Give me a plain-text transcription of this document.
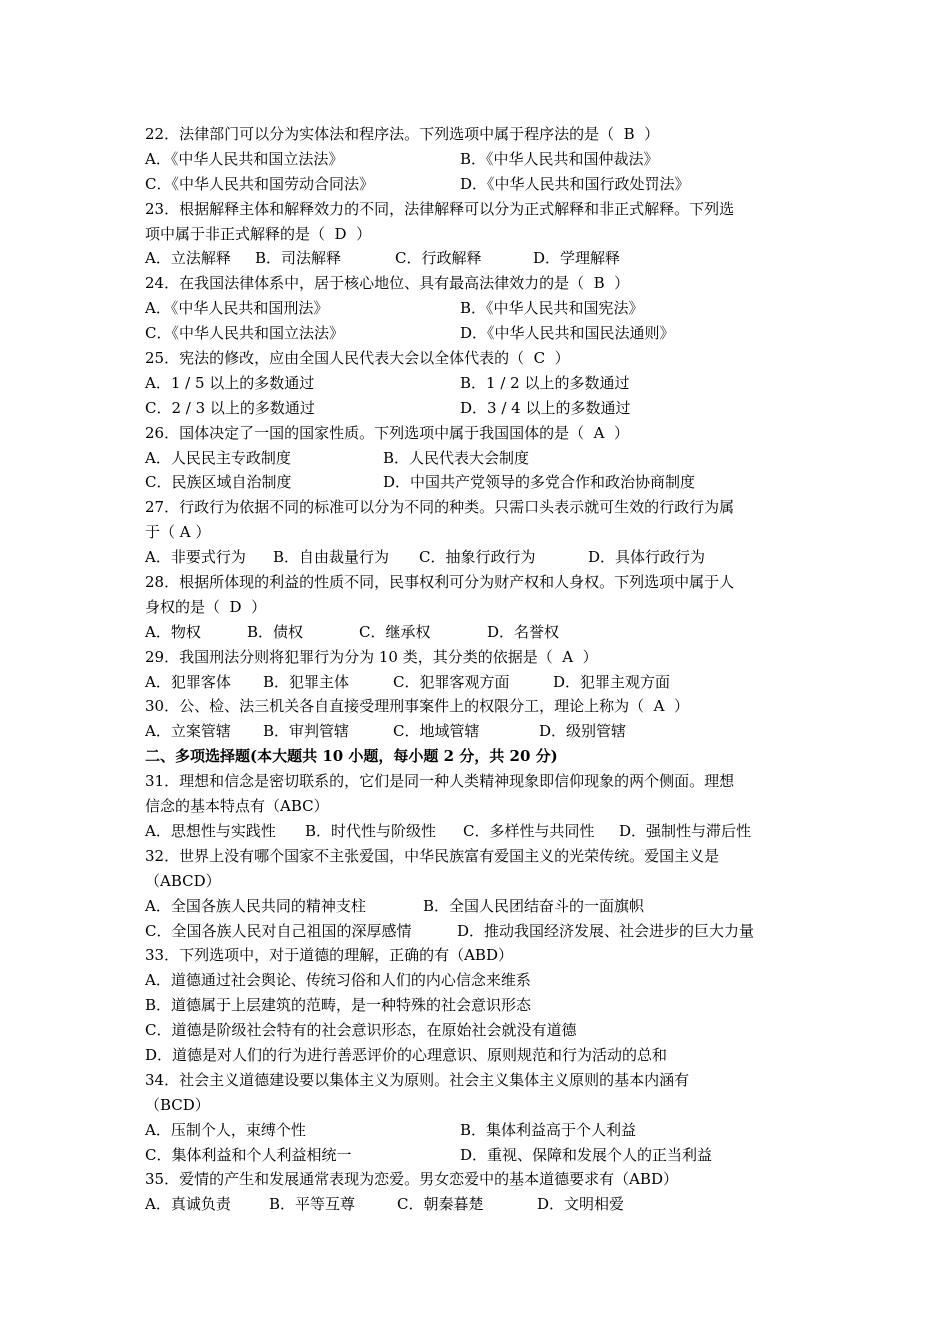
22．法律部门可以分为实体法和程序法。下列选项中属于程序法的是（  B  ）
A．《中华人民共和国立法法》	B．《中华人民共和国仲裁法》
C．《中华人民共和国劳动合同法》	D．《中华人民共和国行政处罚法》
23．根据解释主体和解释效力的不同，法律解释可以分为正式解释和非正式解释。下列选
项中属于非正式解释的是（  D  ）
A．立法解释	B．司法解释	C．行政解释	D．学理解释
24．在我国法律体系中，居于核心地位、具有最高法律效力的是（  B  ）
A．《中华人民共和国刑法》	B．《中华人民共和国宪法》
C．《中华人民共和国立法法》	D．《中华人民共和国民法通则》
25．宪法的修改，应由全国人民代表大会以全体代表的（  C  ）
A．1 / 5 以上的多数通过	B．1 / 2 以上的多数通过
C．2 / 3 以上的多数通过	D．3 / 4 以上的多数通过
26．国体决定了一国的国家性质。下列选项中属于我国国体的是（  A  ）
A．人民民主专政制度	B．人民代表大会制度
C．民族区域自治制度	D．中国共产党领导的多党合作和政治协商制度
27．行政行为依据不同的标准可以分为不同的种类。只需口头表示就可生效的行政行为属
于（ A ）
A．非要式行为	B．自由裁量行为	C．抽象行政行为	D．具体行政行为
28．根据所体现的利益的性质不同，民事权利可分为财产权和人身权。下列选项中属于人
身权的是（  D  ）
A．物权	B．债权	C．继承权	D．名誉权
29．我国刑法分则将犯罪行为分为 10 类，其分类的依据是（  A  ）
A．犯罪客体	B．犯罪主体	C．犯罪客观方面	D．犯罪主观方面
30．公、检、法三机关各自直接受理刑事案件上的权限分工，理论上称为（  A  ）
A．立案管辖	B．审判管辖	C．地域管辖	D．级别管辖
二、多项选择题(本大题共 10 小题，每小题 2 分，共 20 分)
31．理想和信念是密切联系的，它们是同一种人类精神现象即信仰现象的两个侧面。理想
信念的基本特点有（ABC）
A．思想性与实践性	B．时代性与阶级性	C．多样性与共同性	D．强制性与滞后性
32．世界上没有哪个国家不主张爱国，中华民族富有爱国主义的光荣传统。爱国主义是
（ABCD）
A．全国各族人民共同的精神支柱	B．全国人民团结奋斗的一面旗帜
C．全国各族人民对自己祖国的深厚感情	D．推动我国经济发展、社会进步的巨大力量
33．下列选项中，对于道德的理解，正确的有（ABD）
A．道德通过社会舆论、传统习俗和人们的内心信念来维系
B．道德属于上层建筑的范畴，是一种特殊的社会意识形态
C．道德是阶级社会特有的社会意识形态，在原始社会就没有道德
D．道德是对人们的行为进行善恶评价的心理意识、原则规范和行为活动的总和
34．社会主义道德建设要以集体主义为原则。社会主义集体主义原则的基本内涵有
（BCD）
A．压制个人，束缚个性	B．集体利益高于个人利益
C．集体利益和个人利益相统一	D．重视、保障和发展个人的正当利益
35．爱情的产生和发展通常表现为恋爱。男女恋爱中的基本道德要求有（ABD）
A．真诚负责	B．平等互尊	C．朝秦暮楚	D．文明相爱
